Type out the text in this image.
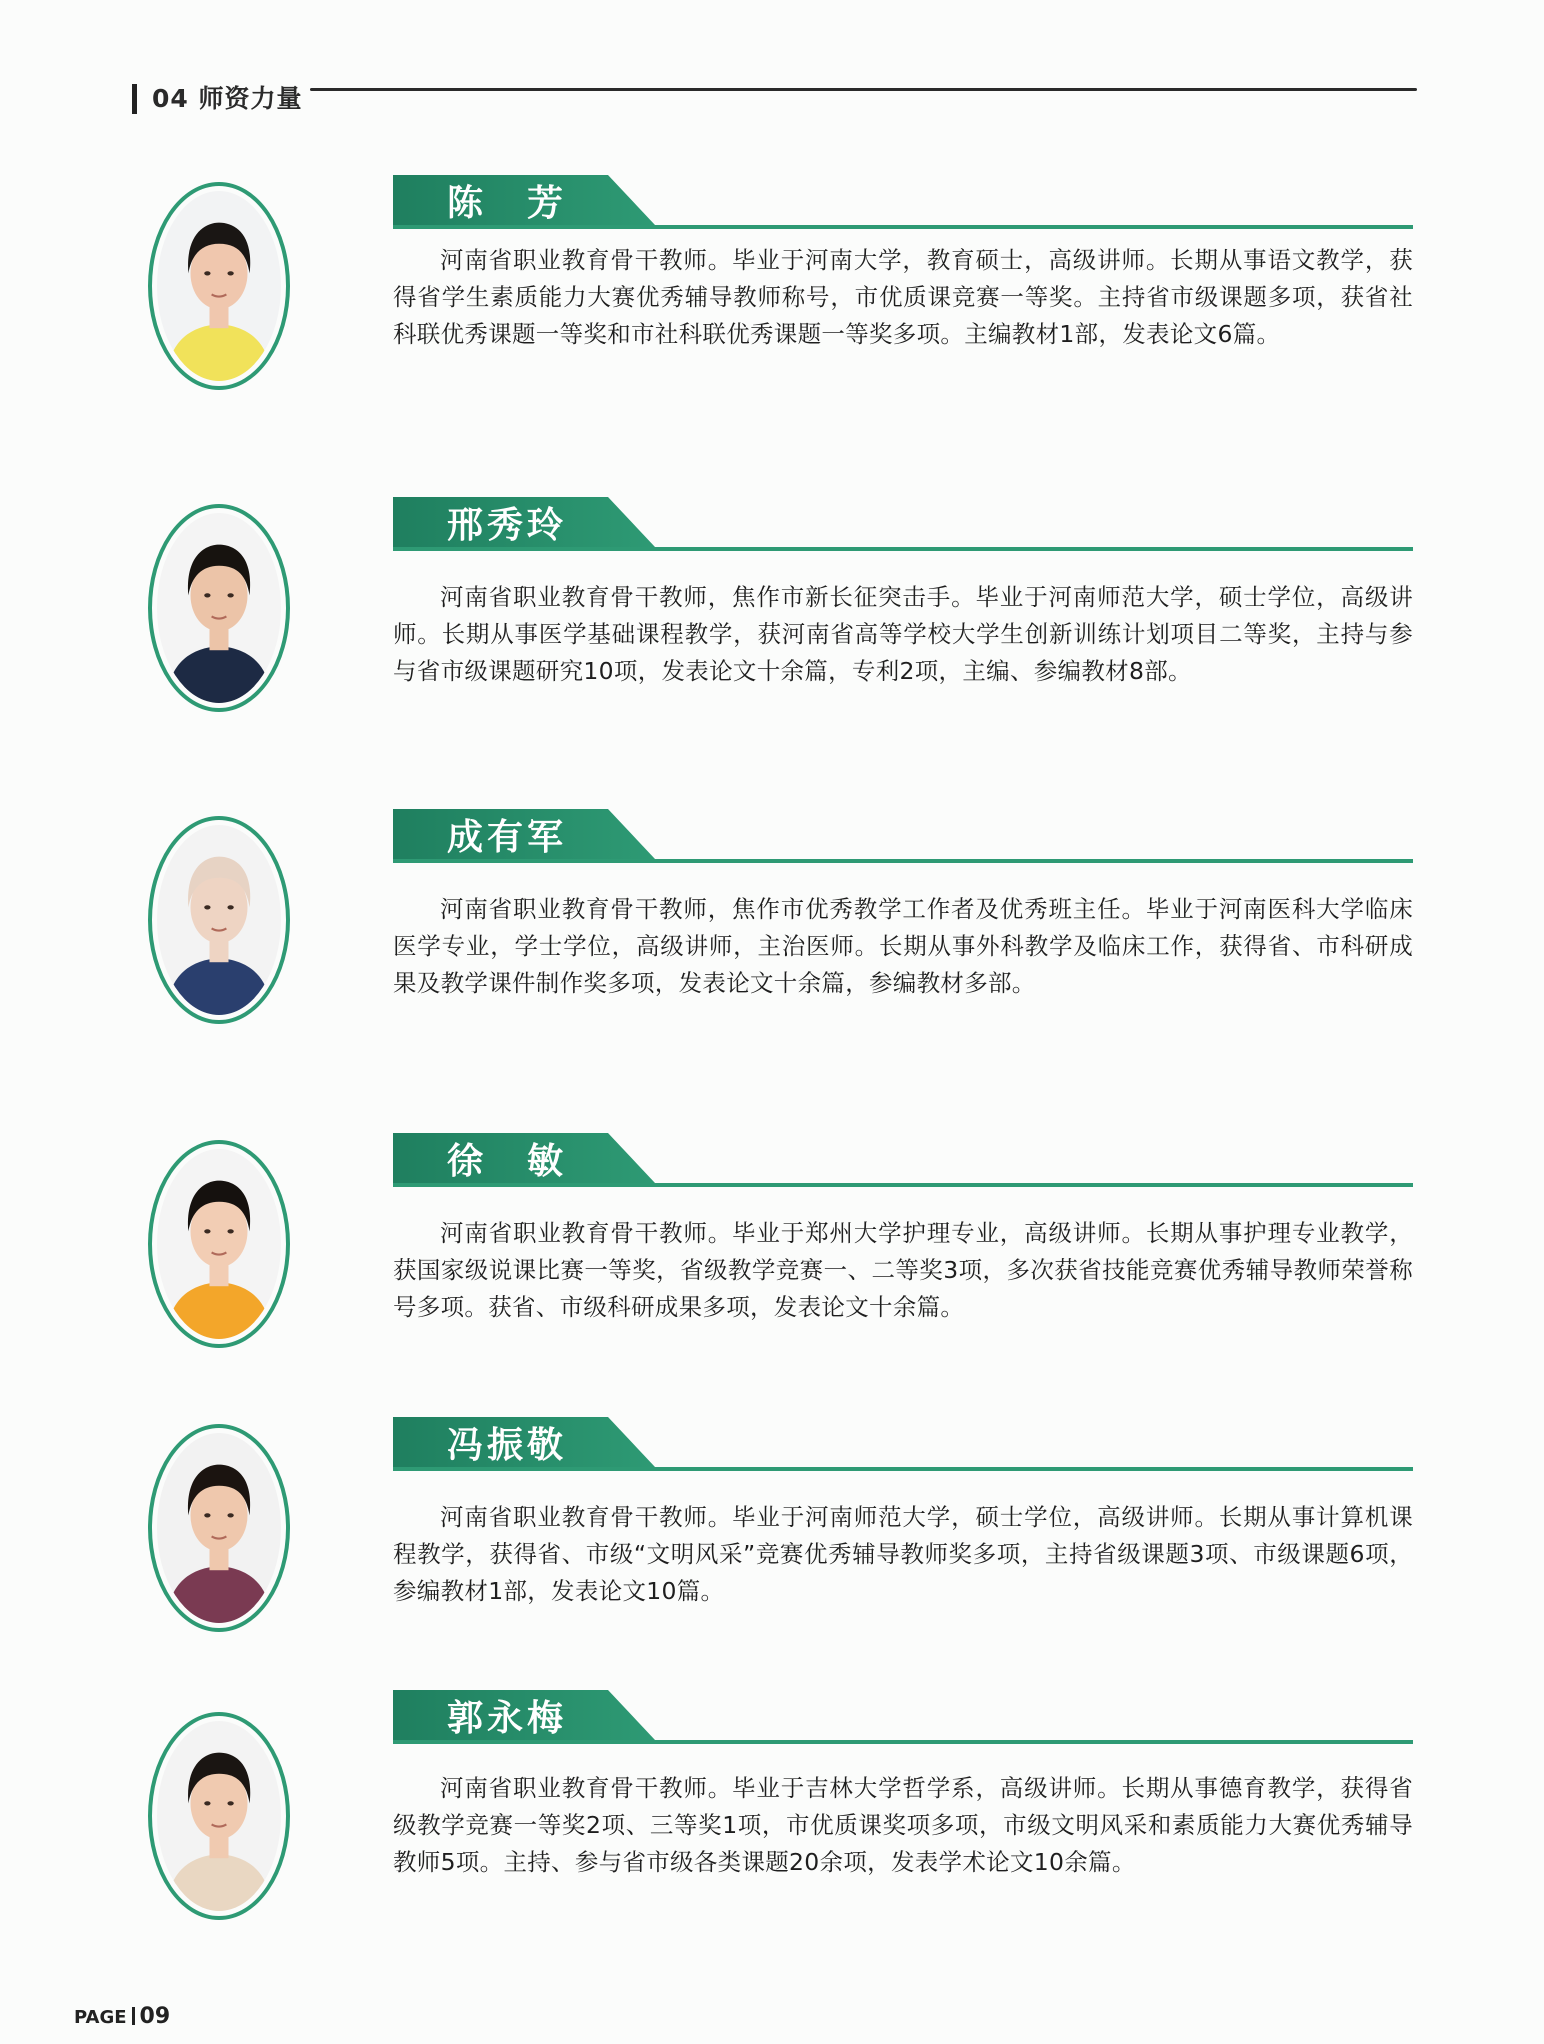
04 师资力量
陈　芳
河南省职业教育骨干教师。毕业于河南大学，教育硕士，高级讲师。长期从事语文教学，获得省学生素质能力大赛优秀辅导教师称号，市优质课竞赛一等奖。主持省市级课题多项，获省社科联优秀课题一等奖和市社科联优秀课题一等奖多项。主编教材1部，发表论文6篇。
邢秀玲
河南省职业教育骨干教师，焦作市新长征突击手。毕业于河南师范大学，硕士学位，高级讲师。长期从事医学基础课程教学，获河南省高等学校大学生创新训练计划项目二等奖，主持与参与省市级课题研究10项，发表论文十余篇，专利2项，主编、参编教材8部。
成有军
河南省职业教育骨干教师，焦作市优秀教学工作者及优秀班主任。毕业于河南医科大学临床医学专业，学士学位，高级讲师，主治医师。长期从事外科教学及临床工作，获得省、市科研成果及教学课件制作奖多项，发表论文十余篇，参编教材多部。
徐　敏
河南省职业教育骨干教师。毕业于郑州大学护理专业，高级讲师。长期从事护理专业教学，获国家级说课比赛一等奖，省级教学竞赛一、二等奖3项，多次获省技能竞赛优秀辅导教师荣誉称号多项。获省、市级科研成果多项，发表论文十余篇。
冯振敬
河南省职业教育骨干教师。毕业于河南师范大学，硕士学位，高级讲师。长期从事计算机课程教学，获得省、市级“文明风采”竞赛优秀辅导教师奖多项，主持省级课题3项、市级课题6项，参编教材1部，发表论文10篇。
郭永梅
河南省职业教育骨干教师。毕业于吉林大学哲学系，高级讲师。长期从事德育教学，获得省级教学竞赛一等奖2项、三等奖1项，市优质课奖项多项，市级文明风采和素质能力大赛优秀辅导教师5项。主持、参与省市级各类课题20余项，发表学术论文10余篇。
PAGE 09
